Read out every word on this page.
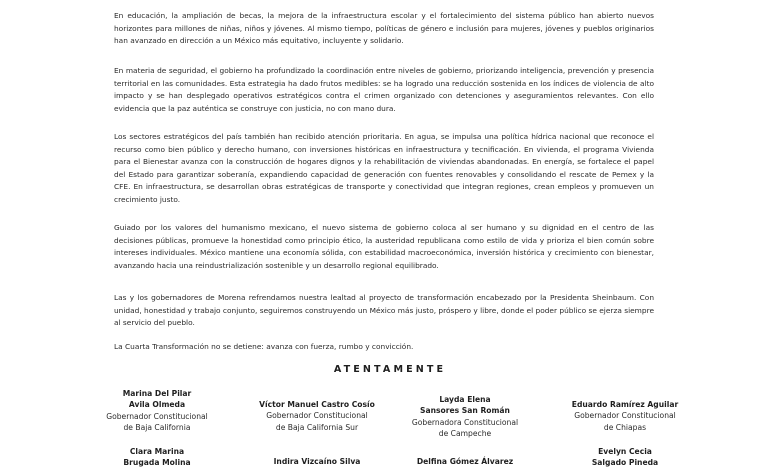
En educación, la ampliación de becas, la mejora de la infraestructura escolar y el fortalecimiento del sistema público han abierto nuevos horizontes para millones de niñas, niños y jóvenes. Al mismo tiempo, políticas de género e inclusión para mujeres, jóvenes y pueblos originarios han avanzado en dirección a un México más equitativo, incluyente y solidario.

En materia de seguridad, el gobierno ha profundizado la coordinación entre niveles de gobierno, priorizando inteligencia, prevención y presencia territorial en las comunidades. Esta estrategia ha dado frutos medibles: se ha logrado una reducción sostenida en los índices de violencia de alto impacto y se han desplegado operativos estratégicos contra el crimen organizado con detenciones y aseguramientos relevantes. Con ello evidencia que la paz auténtica se construye con justicia, no con mano dura.

Los sectores estratégicos del país también han recibido atención prioritaria. En agua, se impulsa una política hídrica nacional que reconoce el recurso como bien público y derecho humano, con inversiones históricas en infraestructura y tecnificación. En vivienda, el programa Vivienda para el Bienestar avanza con la construcción de hogares dignos y la rehabilitación de viviendas abandonadas. En energía, se fortalece el papel del Estado para garantizar soberanía, expandiendo capacidad de generación con fuentes renovables y consolidando el rescate de Pemex y la CFE. En infraestructura, se desarrollan obras estratégicas de transporte y conectividad que integran regiones, crean empleos y promueven un crecimiento justo.

Guiado por los valores del humanismo mexicano, el nuevo sistema de gobierno coloca al ser humano y su dignidad en el centro de las decisiones públicas, promueve la honestidad como principio ético, la austeridad republicana como estilo de vida y prioriza el bien común sobre intereses individuales. México mantiene una economía sólida, con estabilidad macroeconómica, inversión histórica y crecimiento con bienestar, avanzando hacia una reindustrialización sostenible y un desarrollo regional equilibrado.

Las y los gobernadores de Morena refrendamos nuestra lealtad al proyecto de transformación encabezado por la Presidenta Sheinbaum. Con unidad, honestidad y trabajo conjunto, seguiremos construyendo un México más justo, próspero y libre, donde el poder público se ejerza siempre al servicio del pueblo.

La Cuarta Transformación no se detiene: avanza con fuerza, rumbo y convicción.

ATENTAMENTE
Marina Del Pilar
Avila Olmeda
Gobernador Constitucional
de Baja California
Víctor Manuel Castro Cosío
Gobernador Constitucional
de Baja California Sur
Layda Elena
Sansores San Román
Gobernadora Constitucional
de Campeche
Eduardo Ramírez Aguilar
Gobernador Constitucional
de Chiapas
Clara Marina
Brugada Molina	Indira Vizcaíno Silva	Delfina Gómez Álvarez
Evelyn Cecia
Salgado Pineda
